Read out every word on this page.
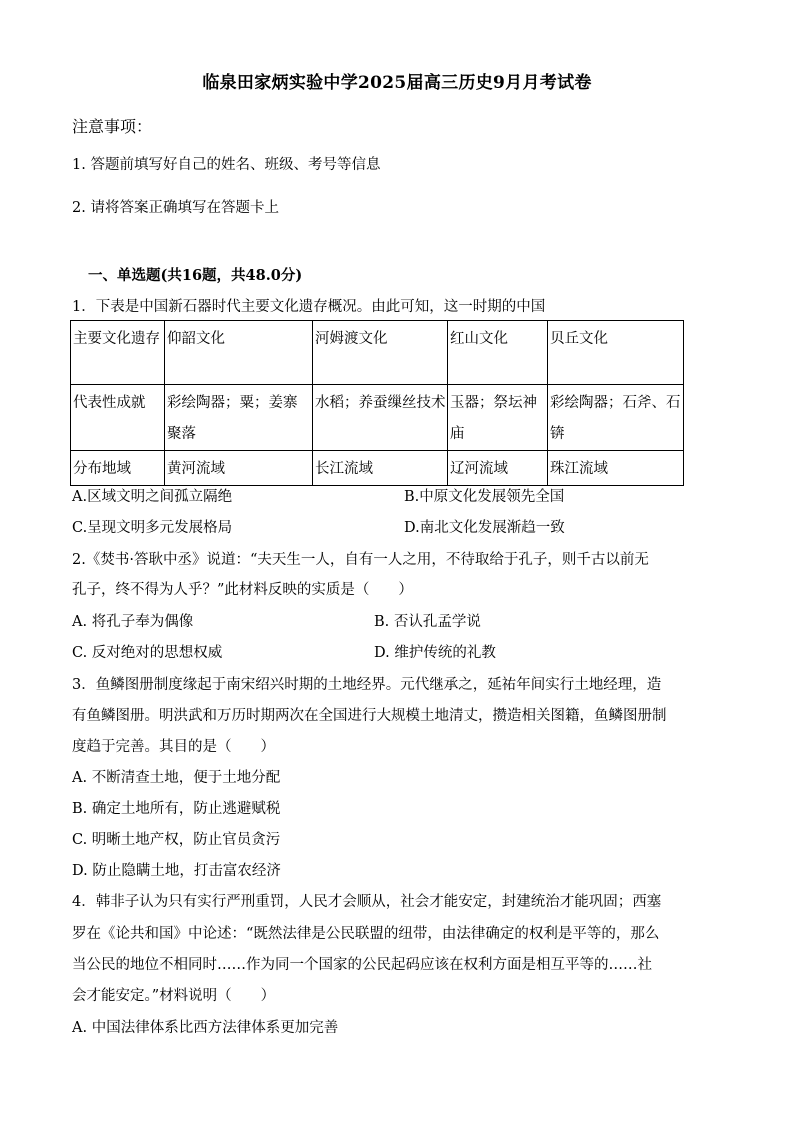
临泉田家炳实验中学2025届高三历史9月月考试卷
注意事项：
1. 答题前填写好自己的姓名、班级、考号等信息
2. 请将答案正确填写在答题卡上
一、单选题(共16题，共48.0分)
1．下表是中国新石器时代主要文化遗存概况。由此可知，这一时期的中国
主要文化遗存	仰韶文化	河姆渡文化	红山文化	贝丘文化
代表性成就	彩绘陶器；粟；姜寨聚落	水稻；养蚕缫丝技术	玉器；祭坛神庙	彩绘陶器；石斧、石锛
分布地域	黄河流域	长江流域	辽河流域	珠江流域
A.区域文明之间孤立隔绝	B.中原文化发展领先全国
C.呈现文明多元发展格局	D.南北文化发展渐趋一致
2.《焚书·答耿中丞》说道：“夫天生一人，自有一人之用，不待取给于孔子，则千古以前无
孔子，终不得为人乎？”此材料反映的实质是（　　）
A. 将孔子奉为偶像	B. 否认孔孟学说
C. 反对绝对的思想权威	D. 维护传统的礼教
3．鱼鳞图册制度缘起于南宋绍兴时期的土地经界。元代继承之，延祐年间实行土地经理，造
有鱼鳞图册。明洪武和万历时期两次在全国进行大规模土地清丈，攒造相关图籍，鱼鳞图册制
度趋于完善。其目的是（　　）
A. 不断清查土地，便于土地分配
B. 确定土地所有，防止逃避赋税
C. 明晰土地产权，防止官员贪污
D. 防止隐瞒土地，打击富农经济
4．韩非子认为只有实行严刑重罚，人民才会顺从，社会才能安定，封建统治才能巩固；西塞
罗在《论共和国》中论述：“既然法律是公民联盟的纽带，由法律确定的权利是平等的，那么
当公民的地位不相同时……作为同一个国家的公民起码应该在权利方面是相互平等的……社
会才能安定。”材料说明（　　）
A. 中国法律体系比西方法律体系更加完善
